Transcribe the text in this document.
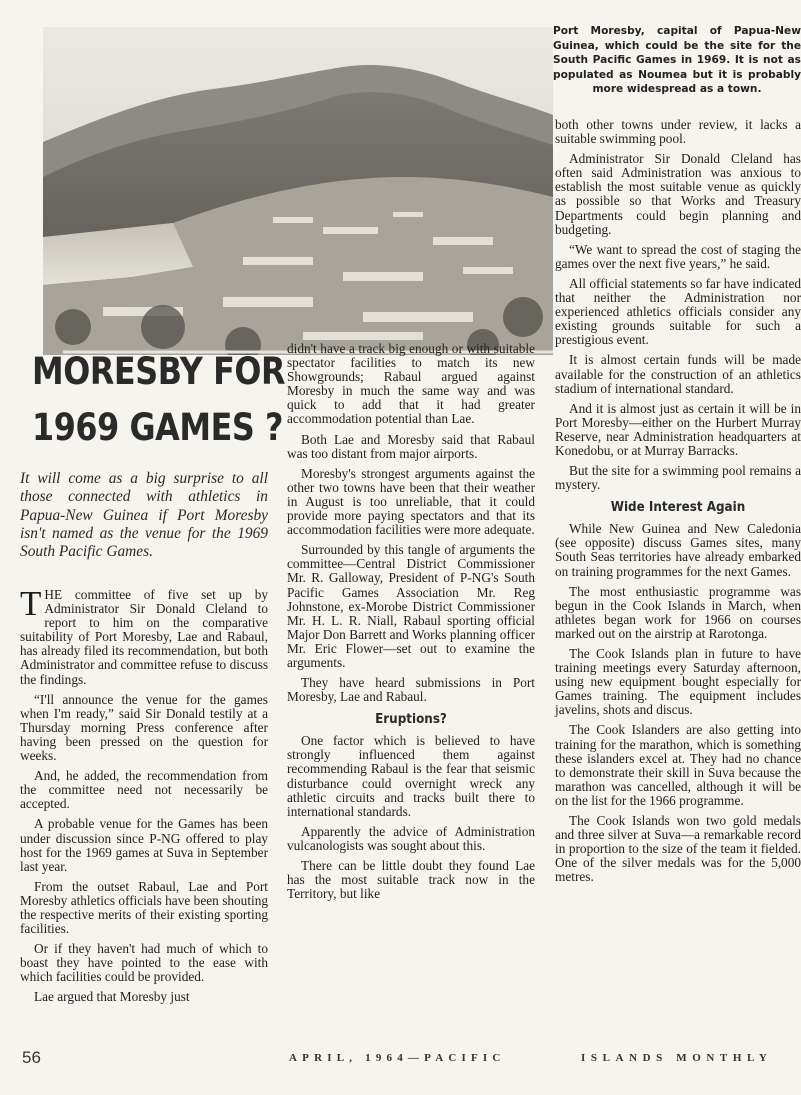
Port Moresby, capital of Papua-New Guinea, which could be the site for the South Pacific Games in 1969. It is not as populated as Noumea but it is probably more widespread as a town.
MORESBY FOR
1969 GAMES ?
It will come as a big surprise to all those connected with athletics in Papua-New Guinea if Port Moresby isn't named as the venue for the 1969 South Pacific Games.

THE committee of five set up by Administrator Sir Donald Cleland to report to him on the comparative suitability of Port Moresby, Lae and Rabaul, has already filed its recommendation, but both Administrator and committee refuse to discuss the findings.

“I'll announce the venue for the games when I'm ready,” said Sir Donald testily at a Thursday morning Press conference after having been pressed on the question for weeks.

And, he added, the recommendation from the committee need not necessarily be accepted.

A probable venue for the Games has been under discussion since P-NG offered to play host for the 1969 games at Suva in September last year.

From the outset Rabaul, Lae and Port Moresby athletics officials have been shouting the respective merits of their existing sporting facilities.

Or if they haven't had much of which to boast they have pointed to the ease with which facilities could be provided.

Lae argued that Moresby just

didn't have a track big enough or with suitable spectator facilities to match its new Showgrounds; Rabaul argued against Moresby in much the same way and was quick to add that it had greater accommodation potential than Lae.

Both Lae and Moresby said that Rabaul was too distant from major airports.

Moresby's strongest arguments against the other two towns have been that their weather in August is too unreliable, that it could provide more paying spectators and that its accommodation facilities were more adequate.

Surrounded by this tangle of arguments the committee—Central District Commissioner Mr. R. Galloway, President of P-NG's South Pacific Games Association Mr. Reg Johnstone, ex-Morobe District Commissioner Mr. H. L. R. Niall, Rabaul sporting official Major Don Barrett and Works planning officer Mr. Eric Flower—set out to examine the arguments.

They have heard submissions in Port Moresby, Lae and Rabaul.

Eruptions?

One factor which is believed to have strongly influenced them against recommending Rabaul is the fear that seismic disturbance could overnight wreck any athletic circuits and tracks built there to international standards.

Apparently the advice of Administration vulcanologists was sought about this.

There can be little doubt they found Lae has the most suitable track now in the Territory, but like

both other towns under review, it lacks a suitable swimming pool.

Administrator Sir Donald Cleland has often said Administration was anxious to establish the most suitable venue as quickly as possible so that Works and Treasury Departments could begin planning and budgeting.

“We want to spread the cost of staging the games over the next five years,” he said.

All official statements so far have indicated that neither the Administration nor experienced athletics officials consider any existing grounds suitable for such a prestigious event.

It is almost certain funds will be made available for the construction of an athletics stadium of international standard.

And it is almost just as certain it will be in Port Moresby—either on the Hurbert Murray Reserve, near Administration headquarters at Konedobu, or at Murray Barracks.

But the site for a swimming pool remains a mystery.

Wide Interest Again

While New Guinea and New Caledonia (see opposite) discuss Games sites, many South Seas territories have already embarked on training programmes for the next Games.

The most enthusiastic programme was begun in the Cook Islands in March, when athletes began work for 1966 on courses marked out on the airstrip at Rarotonga.

The Cook Islands plan in future to have training meetings every Saturday afternoon, using new equipment bought especially for Games training. The equipment includes javelins, shots and discus.

The Cook Islanders are also getting into training for the marathon, which is something these islanders excel at. They had no chance to demonstrate their skill in Suva because the marathon was cancelled, although it will be on the list for the 1966 programme.

The Cook Islands won two gold medals and three silver at Suva—a remarkable record in proportion to the size of the team it fielded. One of the silver medals was for the 5,000 metres.

56	APRIL, 1964—PACIFIC	ISLANDS MONTHLY
